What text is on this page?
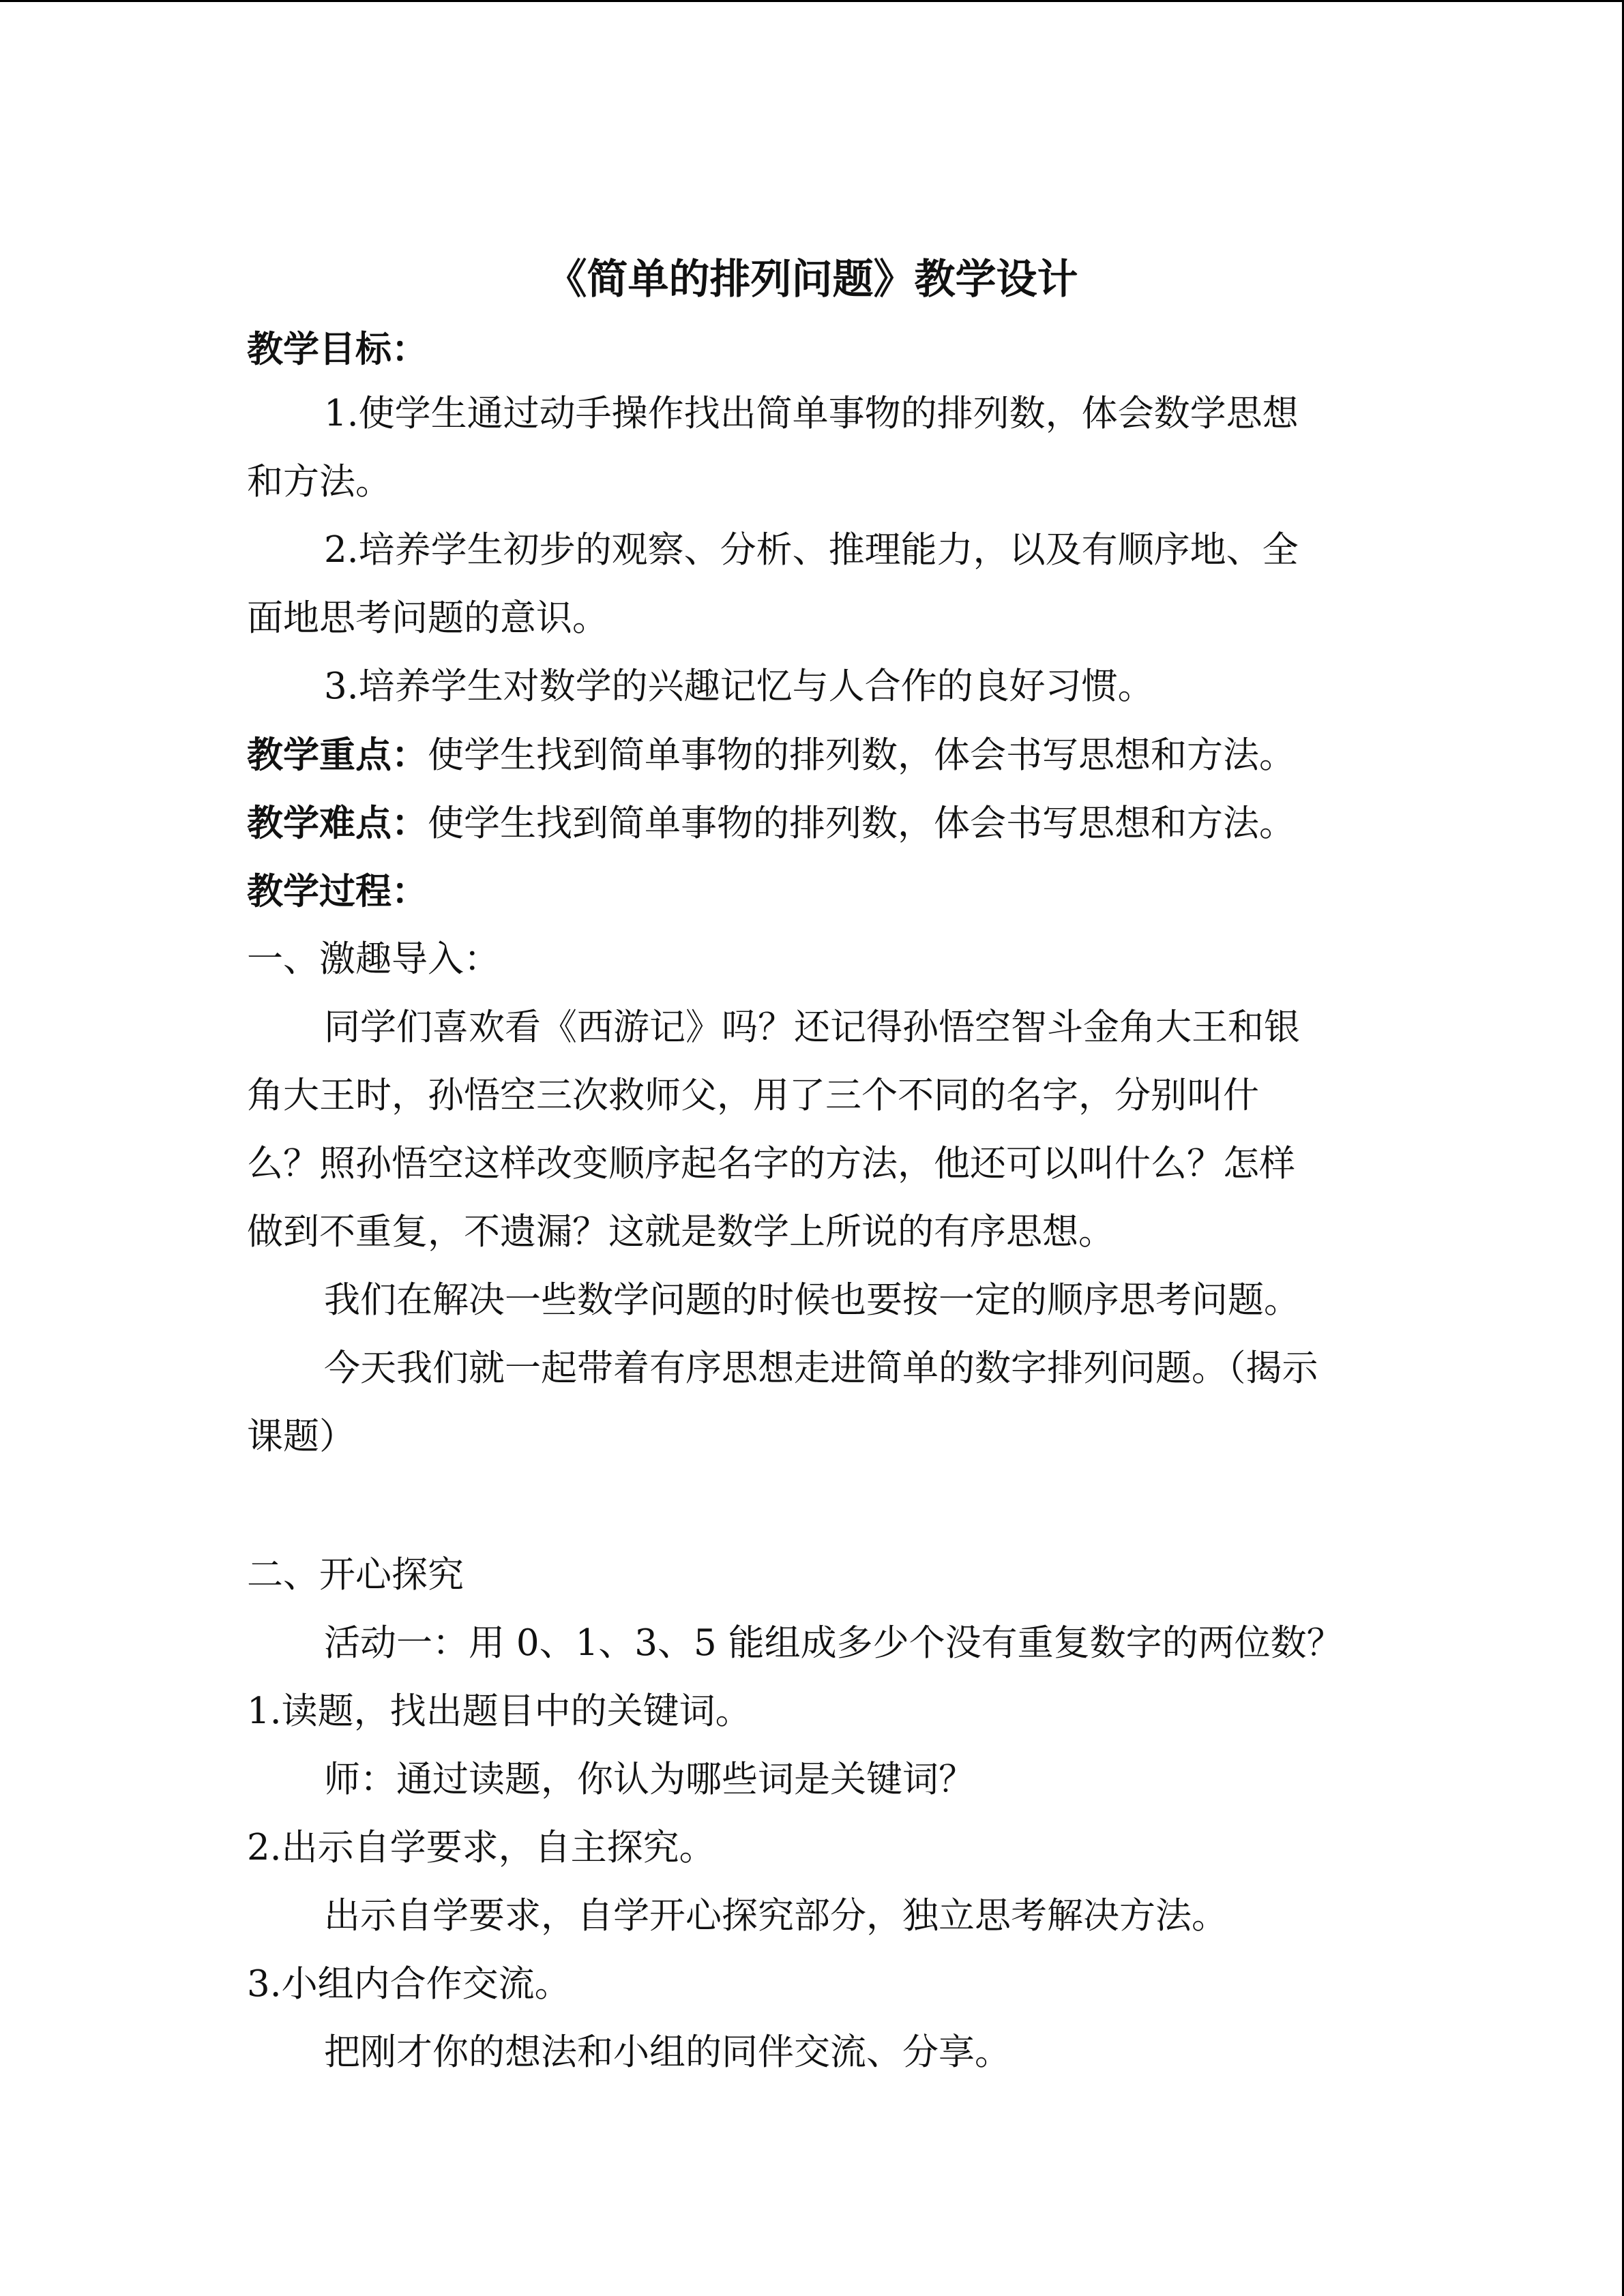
《简单的排列问题》教学设计
教学目标：
1.使学生通过动手操作找出简单事物的排列数，体会数学思想
和方法。
2.培养学生初步的观察、分析、推理能力，以及有顺序地、全
面地思考问题的意识。
3.培养学生对数学的兴趣记忆与人合作的良好习惯。
教学重点：使学生找到简单事物的排列数，体会书写思想和方法。
教学难点：使学生找到简单事物的排列数，体会书写思想和方法。
教学过程：
一、激趣导入：
同学们喜欢看《西游记》吗？还记得孙悟空智斗金角大王和银
角大王时，孙悟空三次救师父，用了三个不同的名字，分别叫什
么？照孙悟空这样改变顺序起名字的方法，他还可以叫什么？怎样
做到不重复，不遗漏？这就是数学上所说的有序思想。
我们在解决一些数学问题的时候也要按一定的顺序思考问题。
今天我们就一起带着有序思想走进简单的数字排列问题。（揭示
课题）
二、开心探究
活动一：用 0、1、3、5 能组成多少个没有重复数字的两位数？
1.读题，找出题目中的关键词。
师：通过读题，你认为哪些词是关键词？
2.出示自学要求，自主探究。
出示自学要求，自学开心探究部分，独立思考解决方法。
3.小组内合作交流。
把刚才你的想法和小组的同伴交流、分享。
